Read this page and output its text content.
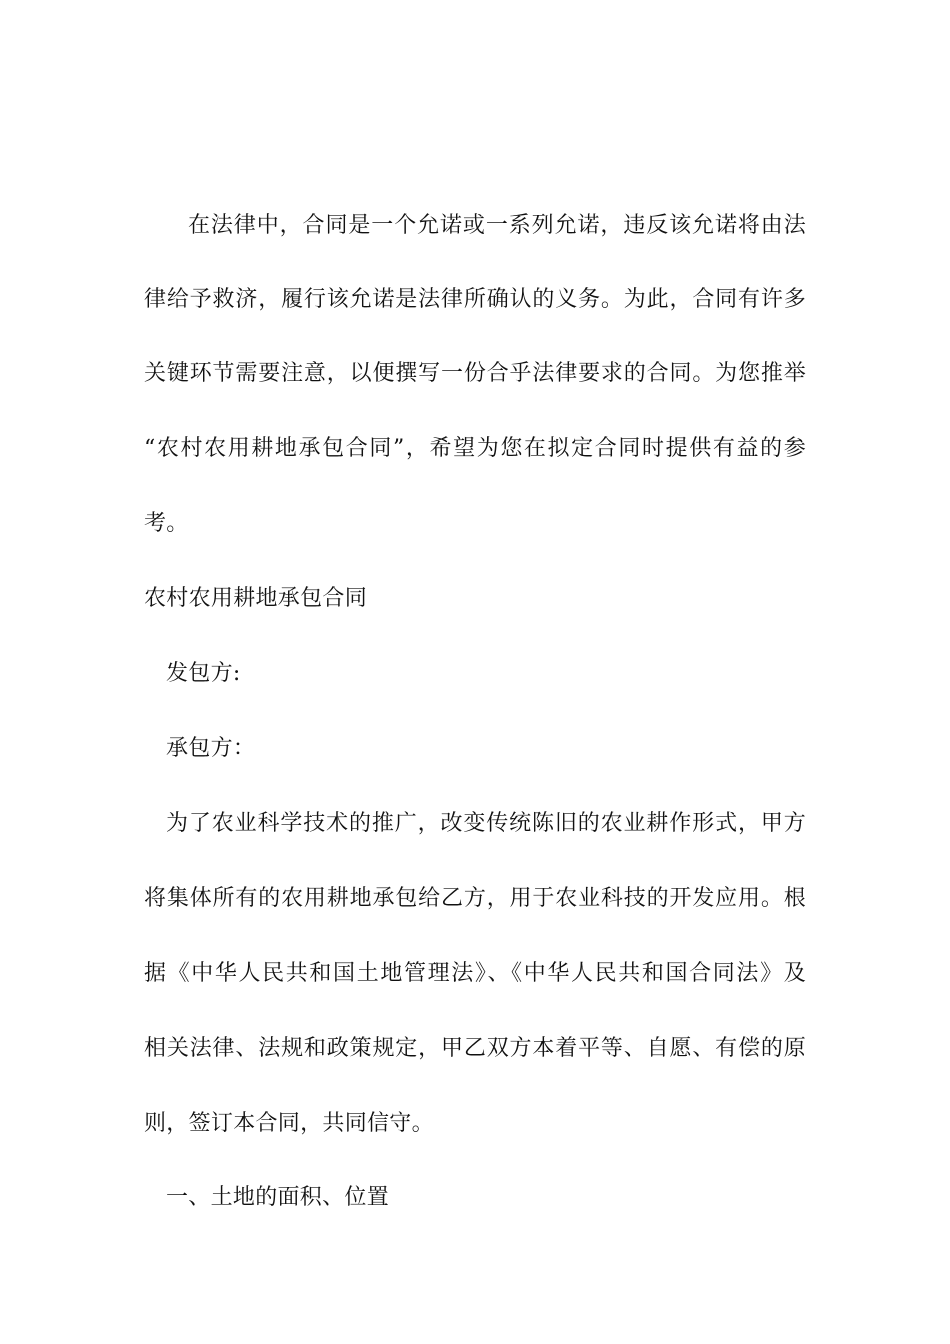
在法律中，合同是一个允诺或一系列允诺，违反该允诺将由法
律给予救济，履行该允诺是法律所确认的义务。为此，合同有许多
关键环节需要注意，以便撰写一份合乎法律要求的合同。为您推举
“农村农用耕地承包合同”，希望为您在拟定合同时提供有益的参
考。
农村农用耕地承包合同
发包方:
承包方：
为了农业科学技术的推广，改变传统陈旧的农业耕作形式，甲方
将集体所有的农用耕地承包给乙方，用于农业科技的开发应用。根
据《中华人民共和国土地管理法》、《中华人民共和国合同法》及
相关法律、法规和政策规定，甲乙双方本着平等、自愿、有偿的原
则，签订本合同，共同信守。
一、土地的面积、位置
